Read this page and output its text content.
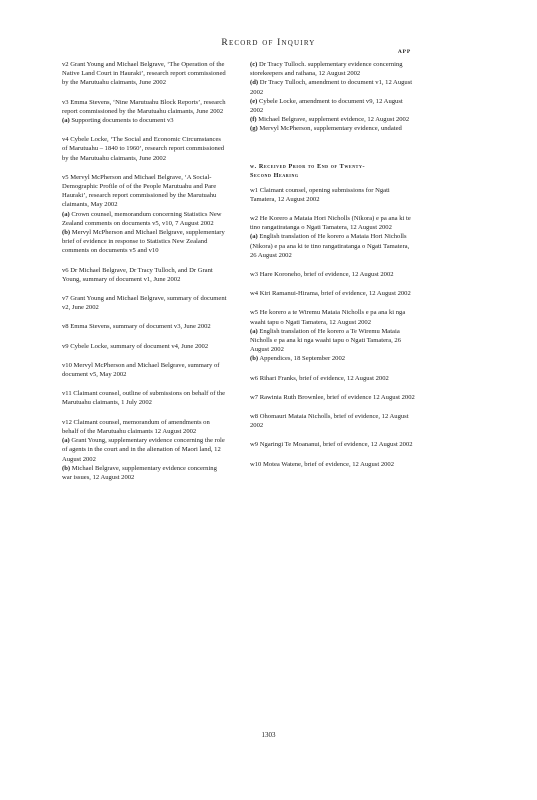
Record of Inquiry
APP
v2 Grant Young and Michael Belgrave, ‘The Operation of the Native Land Court in Hauraki’, research report commissioned by the Marutuahu claimants, June 2002
v3 Emma Stevens, ‘Nine Marutuahu Block Reports’, research report commissioned by the Marutuahu claimants, June 2002
(a) Supporting documents to document v3
v4 Cybele Locke, ‘The Social and Economic Circumstances of Marutuahu – 1840 to 1960’, research report commissioned by the Marutuahu claimants, June 2002
v5 Mervyl McPherson and Michael Belgrave, ‘A Social-Demographic Profile of of the People Marutuahu and Pare Hauraki’, research report commissioned by the Marutuahu claimants, May 2002
(a) Crown counsel, memorandum concerning Statistics New Zealand comments on documents v5, v10, 7 August 2002
(b) Mervyl McPherson and Michael Belgrave, supplementary brief of evidence in response to Statistics New Zealand comments on documents v5 and v10
v6 Dr Michael Belgrave, Dr Tracy Tulloch, and Dr Grant Young, summary of document v1, June 2002
v7 Grant Young and Michael Belgrave, summary of document v2, June 2002
v8 Emma Stevens, summary of document v3, June 2002
v9 Cybele Locke, summary of document v4, June 2002
v10 Mervyl McPherson and Michael Belgrave, summary of document v5, May 2002
v11 Claimant counsel, outline of submissions on behalf of the Marutuahu claimants, 1 July 2002
v12 Claimant counsel, memorandum of amendments on behalf of the Marutuahu claimants 12 August 2002
(a) Grant Young, supplementary evidence concerning the role of agents in the court and in the alienation of Maori land, 12 August 2002
(b) Michael Belgrave, supplementary evidence concerning war issues, 12 August 2002
(c) Dr Tracy Tulloch. supplementary evidence concerning storekeepers and raihana, 12 August 2002
(d) Dr Tracy Tulloch, amendment to document v1, 12 August 2002
(e) Cybele Locke, amendment to document v9, 12 August 2002
(f) Michael Belgrave, supplement evidence, 12 August 2002
(g) Mervyl McPherson, supplementary evidence, undated
w. Received Prior to End of Twenty-
Second Hearing
w1 Claimant counsel, opening submissions for Ngati Tamatera, 12 August 2002
w2 He Korero a Mataia Hori Nicholls (Nikora) e pa ana ki te tino rangatiratanga o Ngati Tamatera, 12 August 2002
(a) English translation of He korero a Mataia Hori Nicholls (Nikora) e pa ana ki te tino rangatiratanga o Ngati Tamatera, 26 August 2002
w3 Hare Koroneho, brief of evidence, 12 August 2002
w4 Kiri Ramanui-Hirama, brief of evidence, 12 August 2002
w5 He korero a te Wiremu Mataia Nicholls e pa ana ki nga waahi tapu o Ngati Tamatera, 12 August 2002
(a) English translation of He korero a Te Wiremu Mataia Nicholls e pa ana ki nga waahi tapu o Ngati Tamatera, 26 August 2002
(b) Appendices, 18 September 2002
w6 Rihari Franks, brief of evidence, 12 August 2002
w7 Rawinia Ruth Brownlee, brief of evidence 12 August 2002
w8 Ohomauri Mataia Nicholls, brief of evidence, 12 August 2002
w9 Ngaringi Te Moananui, brief of evidence, 12 August 2002
w10 Motea Watene, brief of evidence, 12 August 2002
1303
